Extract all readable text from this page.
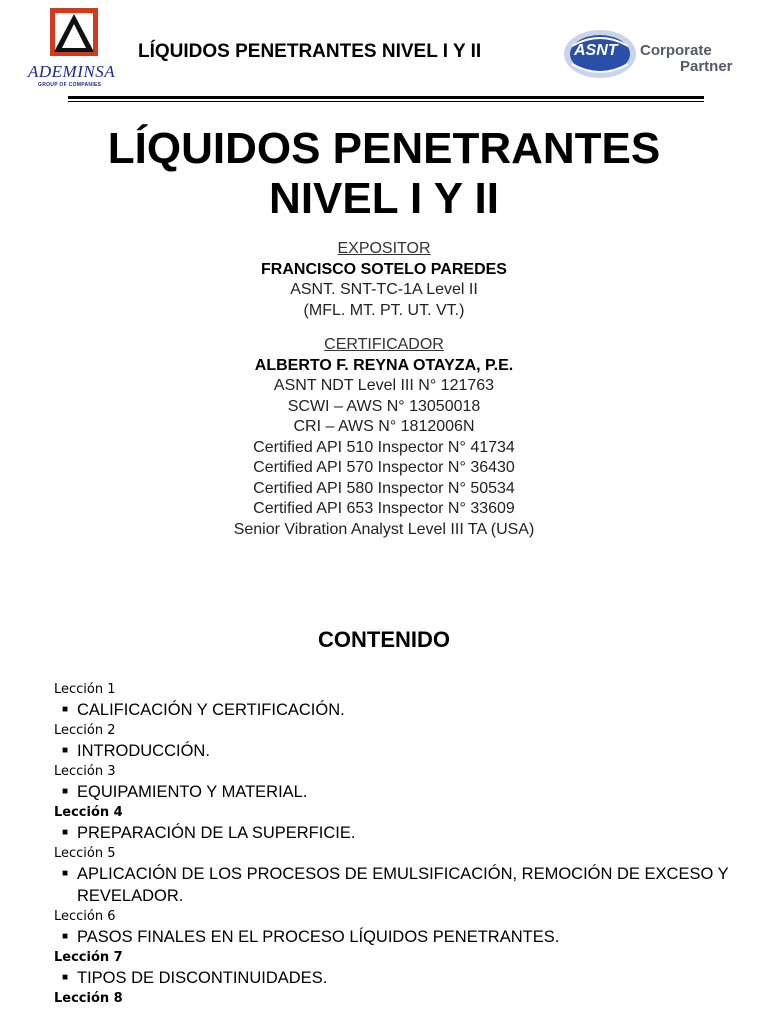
ADEMINSA
GROUP OF COMPANIES
LÍQUIDOS PENETRANTES NIVEL I Y II	ASNT Corporate
Partner
LÍQUIDOS PENETRANTES
NIVEL I Y II
EXPOSITOR
FRANCISCO SOTELO PAREDES
ASNT. SNT-TC-1A Level II
(MFL. MT. PT. UT. VT.)
CERTIFICADOR
ALBERTO F. REYNA OTAYZA, P.E.
ASNT NDT Level III N° 121763
SCWI – AWS N° 13050018
CRI – AWS N° 1812006N
Certified API 510 Inspector N° 41734
Certified API 570 Inspector N° 36430
Certified API 580 Inspector N° 50534
Certified API 653 Inspector N° 33609
Senior Vibration Analyst Level III TA (USA)
CONTENIDO
Lección 1
■ CALIFICACIÓN Y CERTIFICACIÓN.
Lección 2
■ INTRODUCCIÓN.
Lección 3
■ EQUIPAMIENTO Y MATERIAL.
Lección 4
■ PREPARACIÓN DE LA SUPERFICIE.
Lección 5
■ APLICACIÓN DE LOS PROCESOS DE EMULSIFICACIÓN, REMOCIÓN DE EXCESO Y REVELADOR.
Lección 6
■ PASOS FINALES EN EL PROCESO LÍQUIDOS PENETRANTES.
Lección 7
■ TIPOS DE DISCONTINUIDADES.
Lección 8
